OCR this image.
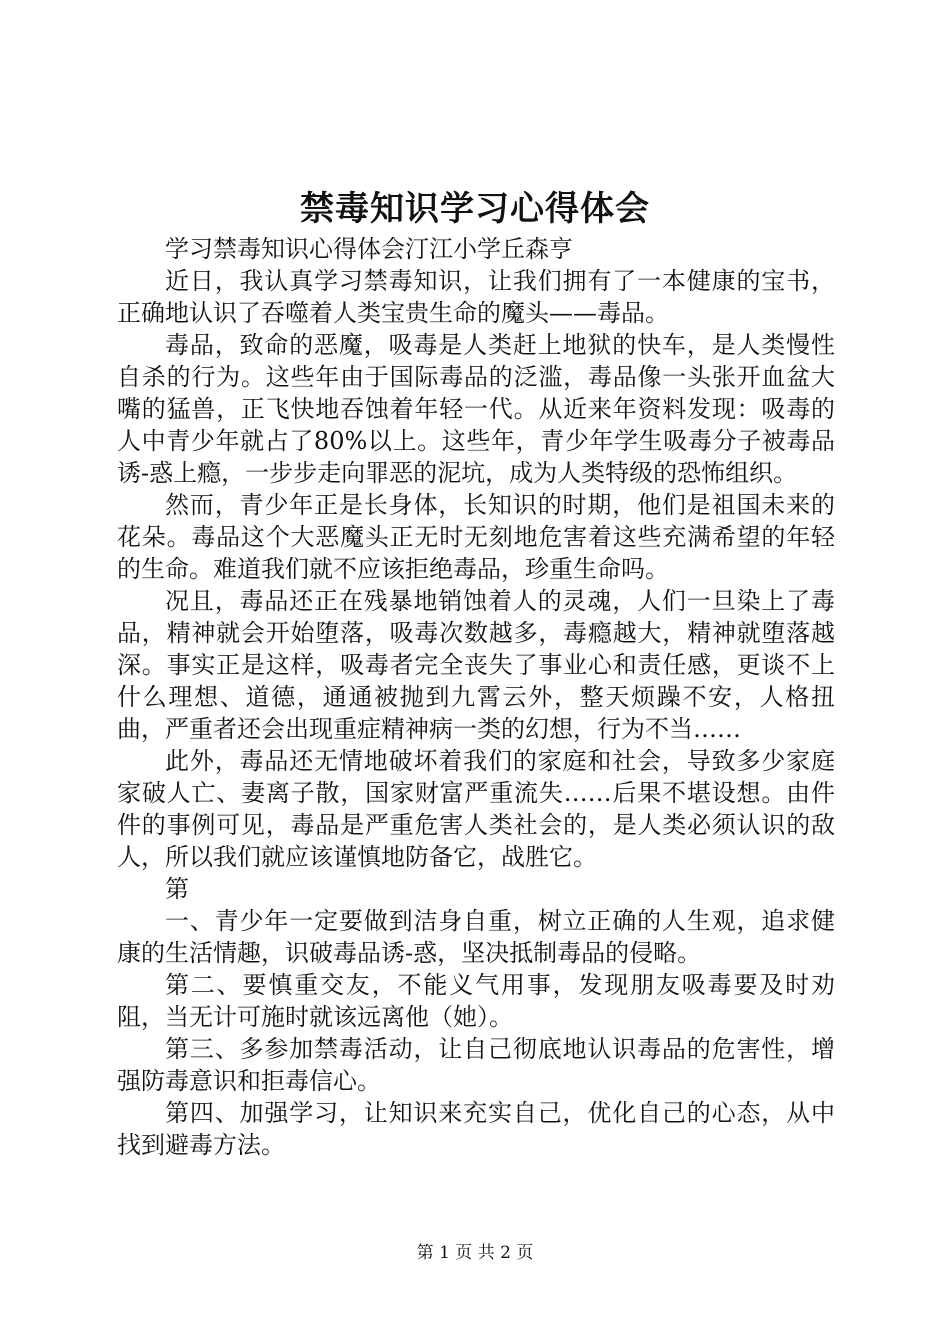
禁毒知识学习心得体会

学习禁毒知识心得体会汀江小学丘森亨

近日，我认真学习禁毒知识，让我们拥有了一本健康的宝书，正确地认识了吞噬着人类宝贵生命的魔头——毒品。

毒品，致命的恶魔，吸毒是人类赶上地狱的快车，是人类慢性自杀的行为。这些年由于国际毒品的泛滥，毒品像一头张开血盆大嘴的猛兽，正飞快地吞蚀着年轻一代。从近来年资料发现：吸毒的人中青少年就占了80%以上。这些年，青少年学生吸毒分子被毒品诱-惑上瘾，一步步走向罪恶的泥坑，成为人类特级的恐怖组织。

然而，青少年正是长身体，长知识的时期，他们是祖国未来的花朵。毒品这个大恶魔头正无时无刻地危害着这些充满希望的年轻的生命。难道我们就不应该拒绝毒品，珍重生命吗。

况且，毒品还正在残暴地销蚀着人的灵魂，人们一旦染上了毒品，精神就会开始堕落，吸毒次数越多，毒瘾越大，精神就堕落越深。事实正是这样，吸毒者完全丧失了事业心和责任感，更谈不上什么理想、道德，通通被抛到九霄云外，整天烦躁不安，人格扭曲，严重者还会出现重症精神病一类的幻想，行为不当……

此外，毒品还无情地破坏着我们的家庭和社会，导致多少家庭家破人亡、妻离子散，国家财富严重流失……后果不堪设想。由件件的事例可见，毒品是严重危害人类社会的，是人类必须认识的敌人，所以我们就应该谨慎地防备它，战胜它。

第

一、青少年一定要做到洁身自重，树立正确的人生观，追求健康的生活情趣，识破毒品诱-惑，坚决抵制毒品的侵略。

第二、要慎重交友，不能义气用事，发现朋友吸毒要及时劝阻，当无计可施时就该远离他（她）。

第三、多参加禁毒活动，让自己彻底地认识毒品的危害性，增强防毒意识和拒毒信心。

第四、加强学习，让知识来充实自己，优化自己的心态，从中找到避毒方法。

第 1 页 共 2 页
